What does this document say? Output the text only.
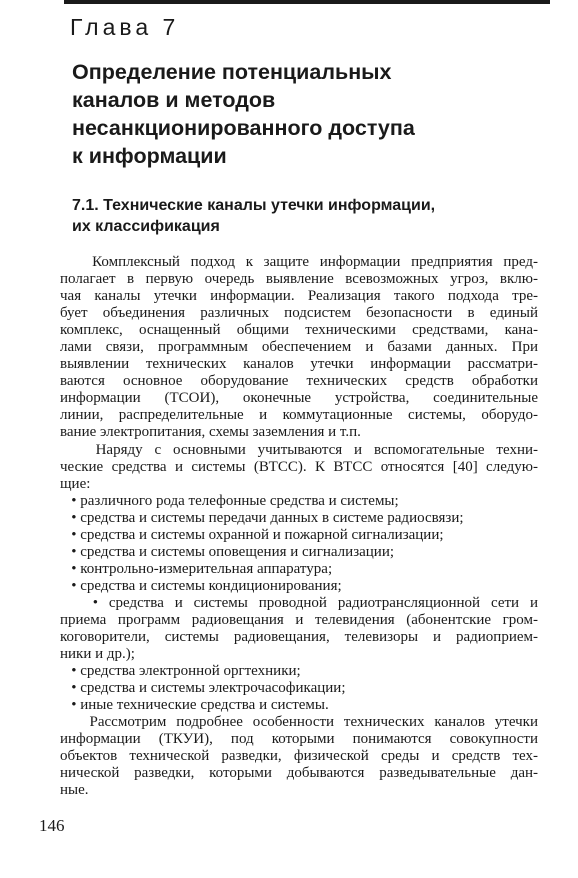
Глава 7
Определение потенциальных
каналов и методов
несанкционированного доступа
к информации
7.1. Технические каналы утечки информации,
их классификация
Комплексный подход к защите информации предприятия пред-
полагает в первую очередь выявление всевозможных угроз, вклю-
чая каналы утечки информации. Реализация такого подхода тре-
бует объединения различных подсистем безопасности в единый
комплекс, оснащенный общими техническими средствами, кана-
лами связи, программным обеспечением и базами данных. При
выявлении технических каналов утечки информации рассматри-
ваются основное оборудование технических средств обработки
информации (ТСОИ), оконечные устройства, соединительные
линии, распределительные и коммутационные системы, оборудо-
вание электропитания, схемы заземления и т.п.
Наряду с основными учитываются и вспомогательные техни-
ческие средства и системы (ВТСС). К ВТСС относятся [40] следую-
щие:
• различного рода телефонные средства и системы;
• средства и системы передачи данных в системе радиосвязи;
• средства и системы охранной и пожарной сигнализации;
• средства и системы оповещения и сигнализации;
• контрольно-измерительная аппаратура;
• средства и системы кондиционирования;
• средства и системы проводной радиотрансляционной сети и
приема программ радиовещания и телевидения (абонентские гром-
коговорители, системы радиовещания, телевизоры и радиоприем-
ники и др.);
• средства электронной оргтехники;
• средства и системы электрочасофикации;
• иные технические средства и системы.
Рассмотрим подробнее особенности технических каналов утечки
информации (ТКУИ), под которыми понимаются совокупности
объектов технической разведки, физической среды и средств тех-
нической разведки, которыми добываются разведывательные дан-
ные.
146
